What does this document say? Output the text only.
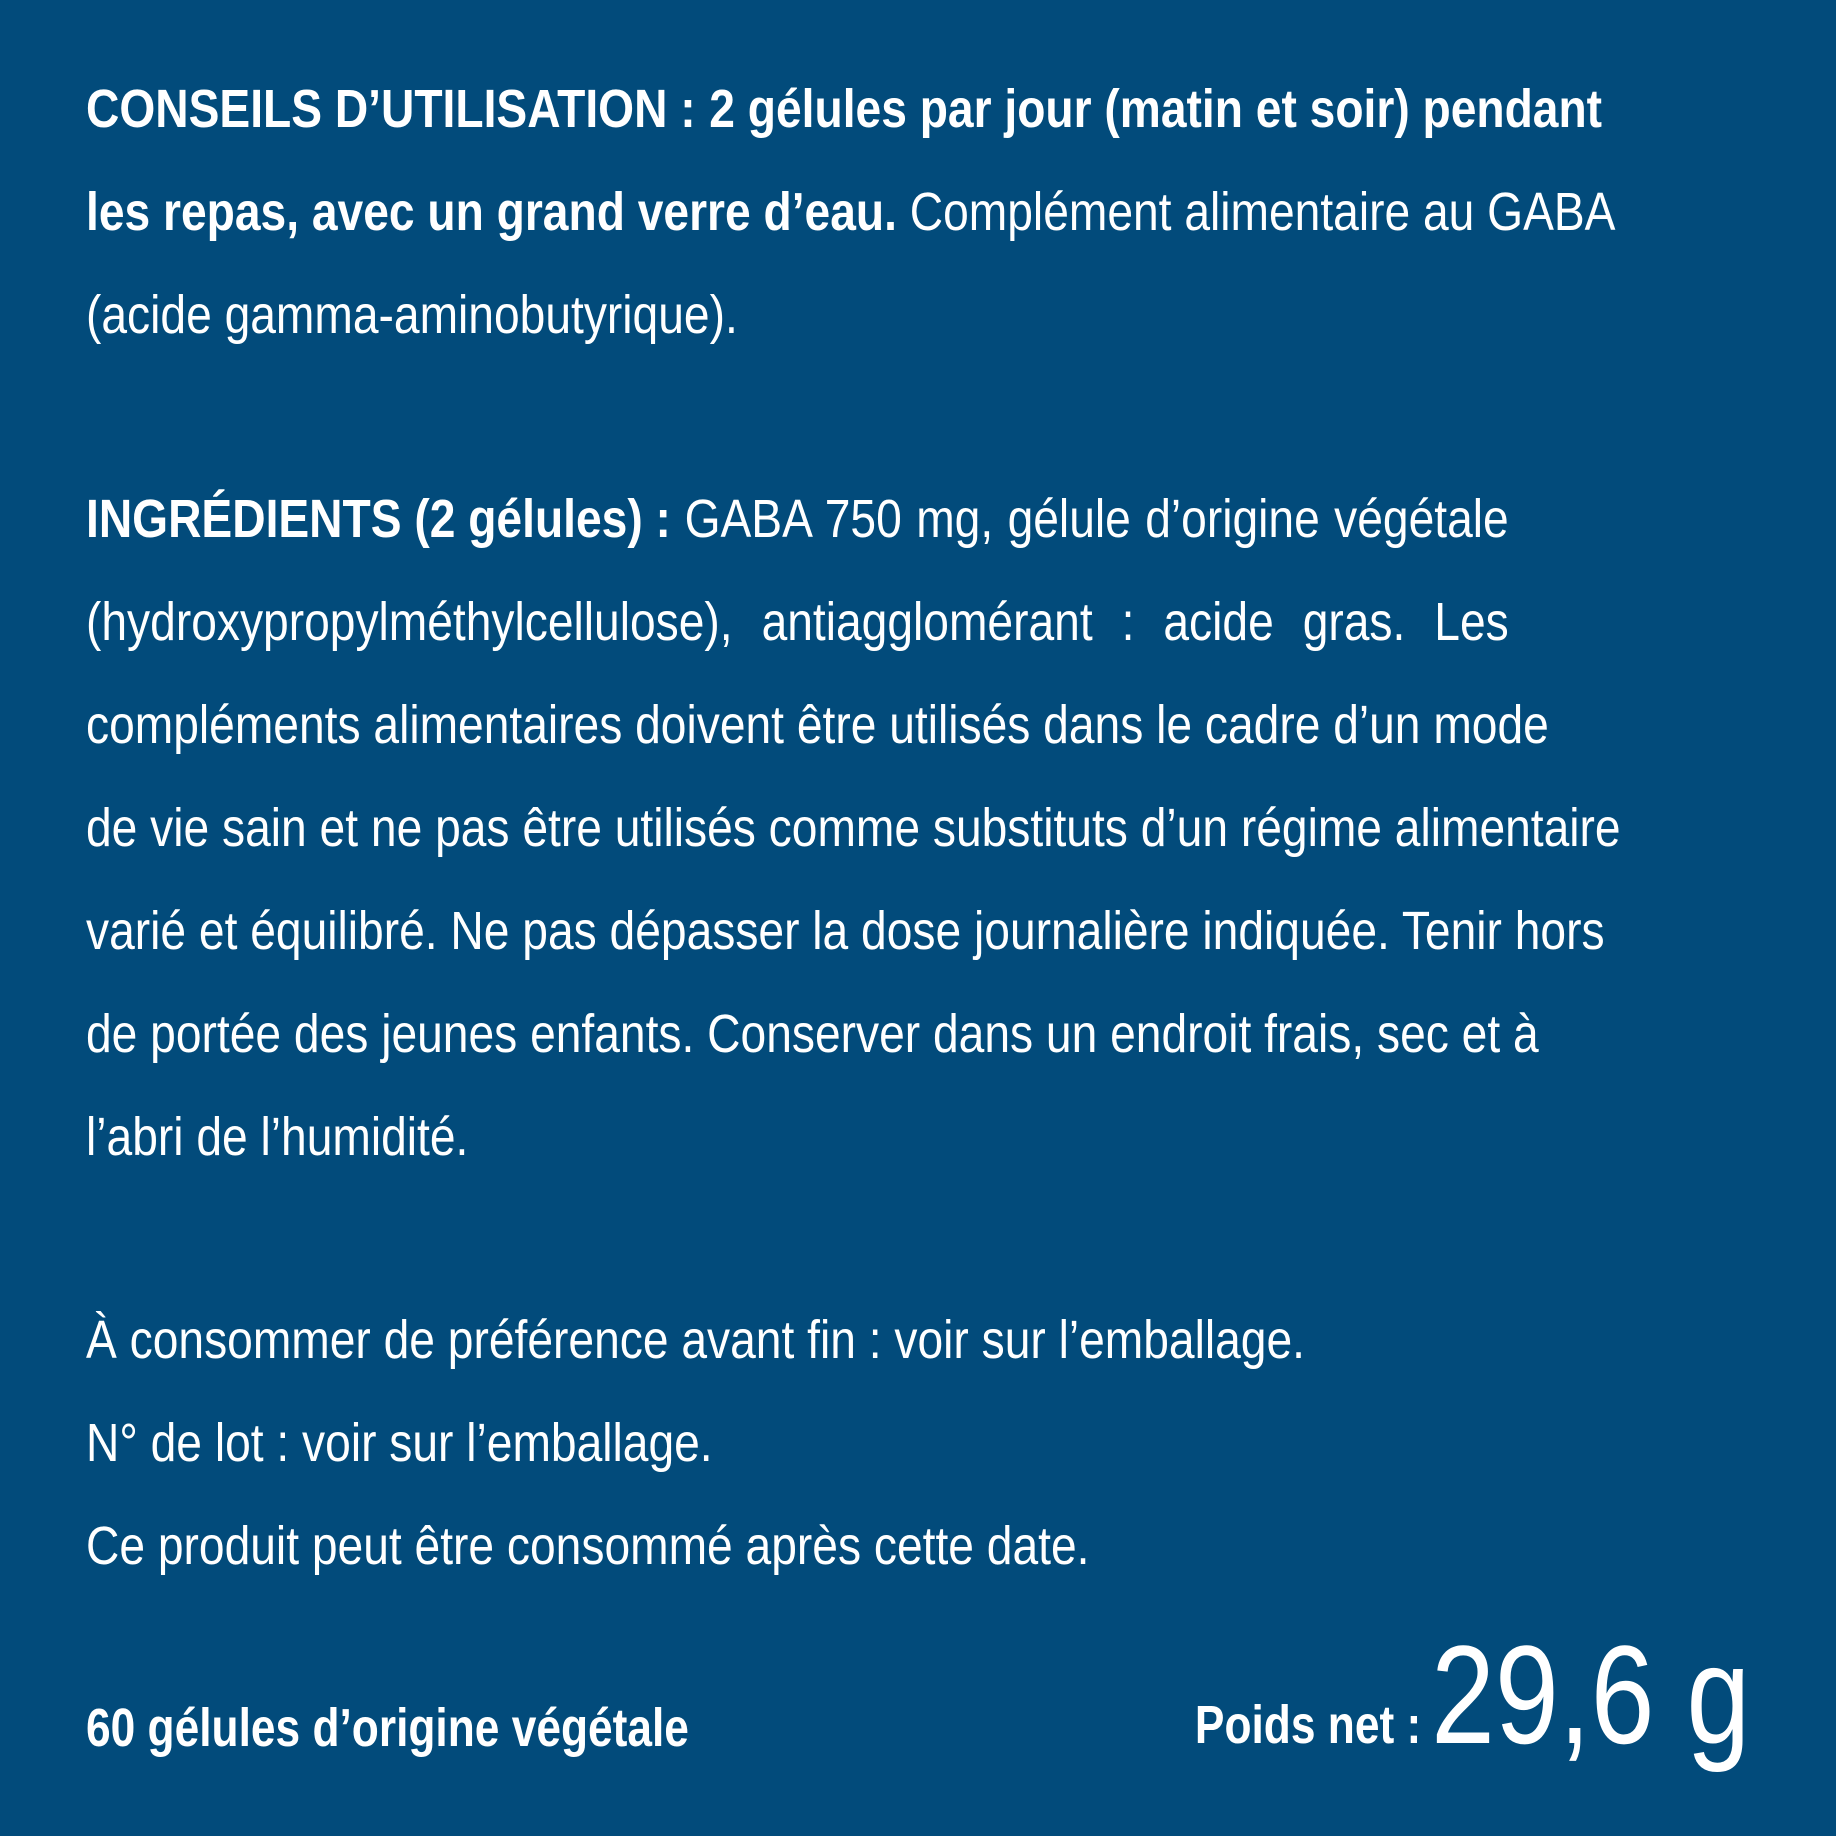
CONSEILS D’UTILISATION : 2 gélules par jour (matin et soir) pendant
les repas, avec un grand verre d’eau. Complément alimentaire au GABA
(acide gamma-aminobutyrique).
INGRÉDIENTS (2 gélules) : GABA 750 mg, gélule d’origine végétale
(hydroxypropylméthylcellulose), antiagglomérant : acide gras. Les
compléments alimentaires doivent être utilisés dans le cadre d’un mode
de vie sain et ne pas être utilisés comme substituts d’un régime alimentaire
varié et équilibré. Ne pas dépasser la dose journalière indiquée. Tenir hors
de portée des jeunes enfants. Conserver dans un endroit frais, sec et à
l’abri de l’humidité.
À consommer de préférence avant fin : voir sur l’emballage.
N° de lot : voir sur l’emballage.
Ce produit peut être consommé après cette date.
60 gélules d’origine végétale	Poids net : 29,6 g
